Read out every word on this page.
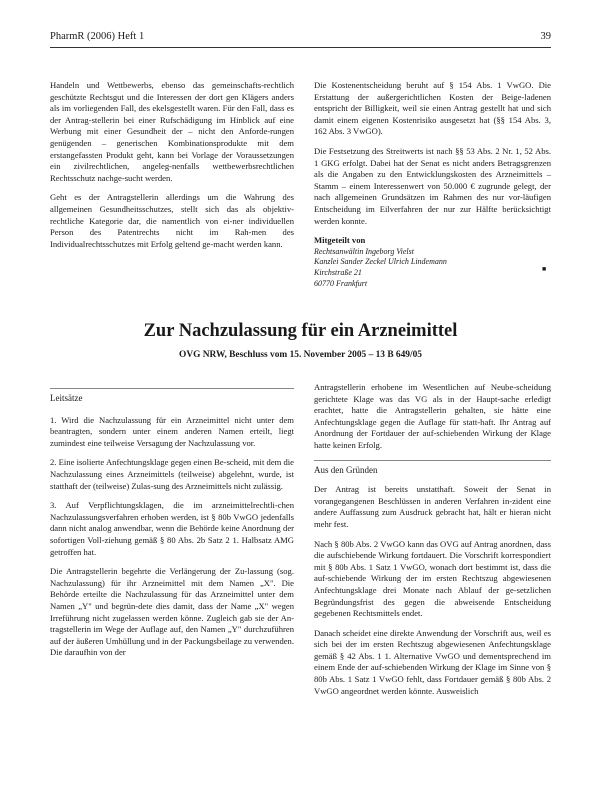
PharmR (2006) Heft 1	39

Handeln und Wettbewerbs, ebenso das gemeinschafts-rechtlich geschützte Rechtsgut und die Interessen der dort gen Klägers anders als im vorliegenden Fall, des ekelsgestellt waren. Für den Fall, dass es der Antrag-stellerin bei einer Rufschädigung im Hinblick auf eine Werbung mit einer Gesundheit der – nicht den Anforde-rungen genügenden – generischen Kombinationsprodukte mit dem erstangefassten Produkt geht, kann bei Vorlage der Voraussetzungen ein zivilrechtlichen, angeleg-nenfalls wettbewerbsrechtlichen Rechtsschutz nachge-sucht werden.

Geht es der Antragstellerin allerdings um die Wahrung des allgemeinen Gesundheitsschutzes, stellt sich das als objektiv-rechtliche Kategorie dar, die namentlich von ei-ner individuellen Person des Patentrechts nicht im Rah-men des Individualrechtsschutzes mit Erfolg geltend ge-macht werden kann.

Die Kostenentscheidung beruht auf § 154 Abs. 1 VwGO. Die Erstattung der außergerichtlichen Kosten der Beige-ladenen entspricht der Billigkeit, weil sie einen Antrag gestellt hat und sich damit einem eigenen Kostenrisiko ausgesetzt hat (§§ 154 Abs. 3, 162 Abs. 3 VwGO).

Die Festsetzung des Streitwerts ist nach §§ 53 Abs. 2 Nr. 1, 52 Abs. 1 GKG erfolgt. Dabei hat der Senat es nicht anders Betragsgrenzen als die Angaben zu den Entwicklungskosten des Arzneimittels – Stamm – einem Interessenwert von 50.000 € zugrunde gelegt, der nach allgemeinen Grundsätzen im Rahmen des nur vor-läufigen Entscheidung im Eilverfahren der nur zur Hälfte berücksichtigt werden konnte.

Mitgeteilt von
Rechtsanwältin Ingeborg Vielst
Kanzlei Sander Zeckel Ulrich Lindemann
Kirchstraße 21
60770 Frankfurt
■
Zur Nachzulassung für ein Arzneimittel
OVG NRW, Beschluss vom 15. November 2005 – 13 B 649/05
Leitsätze

1. Wird die Nachzulassung für ein Arzneimittel nicht unter dem beantragten, sondern unter einem anderen Namen erteilt, liegt zumindest eine teilweise Versagung der Nachzulassung vor.

2. Eine isolierte Anfechtungsklage gegen einen Be-scheid, mit dem die Nachzulassung eines Arzneimittels (teilweise) abgelehnt, wurde, ist statthaft der (teilweise) Zulas-sung des Arzneimittels nicht zulässig.

3. Auf Verpflichtungsklagen, die im arzneimittelrechtli-chen Nachzulassungsverfahren erhoben werden, ist § 80b VwGO jedenfalls dann nicht analog anwendbar, wenn die Behörde keine Anordnung der sofortigen Voll-ziehung gemäß § 80 Abs. 2b Satz 2 1. Halbsatz AMG getroffen hat.

Die Antragstellerin begehrte die Verlängerung der Zu-lassung (sog. Nachzulassung) für ihr Arzneimittel mit dem Namen „X". Die Behörde erteilte die Nachzulassung für das Arzneimittel unter dem Namen „Y" und begrün-dete dies damit, dass der Name „X" wegen Irreführung nicht zugelassen werden könne. Zugleich gab sie der An-tragstellerin im Wege der Auflage auf, den Namen „Y" durchzuführen auf der äußeren Umhüllung und in der Packungsbeilage zu verwenden. Die daraufhin von der

Antragstellerin erhobene im Wesentlichen auf Neube-scheidung gerichtete Klage was das VG als in der Haupt-sache erledigt erachtet, hatte die Antragstellerin gehalten, sie hätte eine Anfechtungsklage gegen die Auflage für statt-haft. Ihr Antrag auf Anordnung der Fortdauer der auf-schiebenden Wirkung der Klage hatte keinen Erfolg.

Aus den Gründen

Der Antrag ist bereits unstatthaft. Soweit der Senat in vorangegangenen Beschlüssen in anderen Verfahren in-zident eine andere Auffassung zum Ausdruck gebracht hat, hält er hieran nicht mehr fest.

Nach § 80b Abs. 2 VwGO kann das OVG auf Antrag anordnen, dass die aufschiebende Wirkung fortdauert. Die Vorschrift korrespondiert mit § 80b Abs. 1 Satz 1 VwGO, wonach dort bestimmt ist, dass die auf-schiebende Wirkung der im ersten Rechtszug abgewiesenen Anfechtungsklage drei Monate nach Ablauf der ge-setzlichen Begründungsfrist des gegen die abweisende Entscheidung gegebenen Rechtsmittels endet.

Danach scheidet eine direkte Anwendung der Vorschrift aus, weil es sich bei der im ersten Rechtszug abgewiesenen Anfechtungsklage gemäß § 42 Abs. 1 1. Alternative VwGO und dementsprechend im einem Ende der auf-schiebenden Wirkung der Klage im Sinne von § 80b Abs. 1 Satz 1 VwGO fehlt, dass Fortdauer gemäß § 80b Abs. 2 VwGO angeordnet werden könnte. Ausweislich
